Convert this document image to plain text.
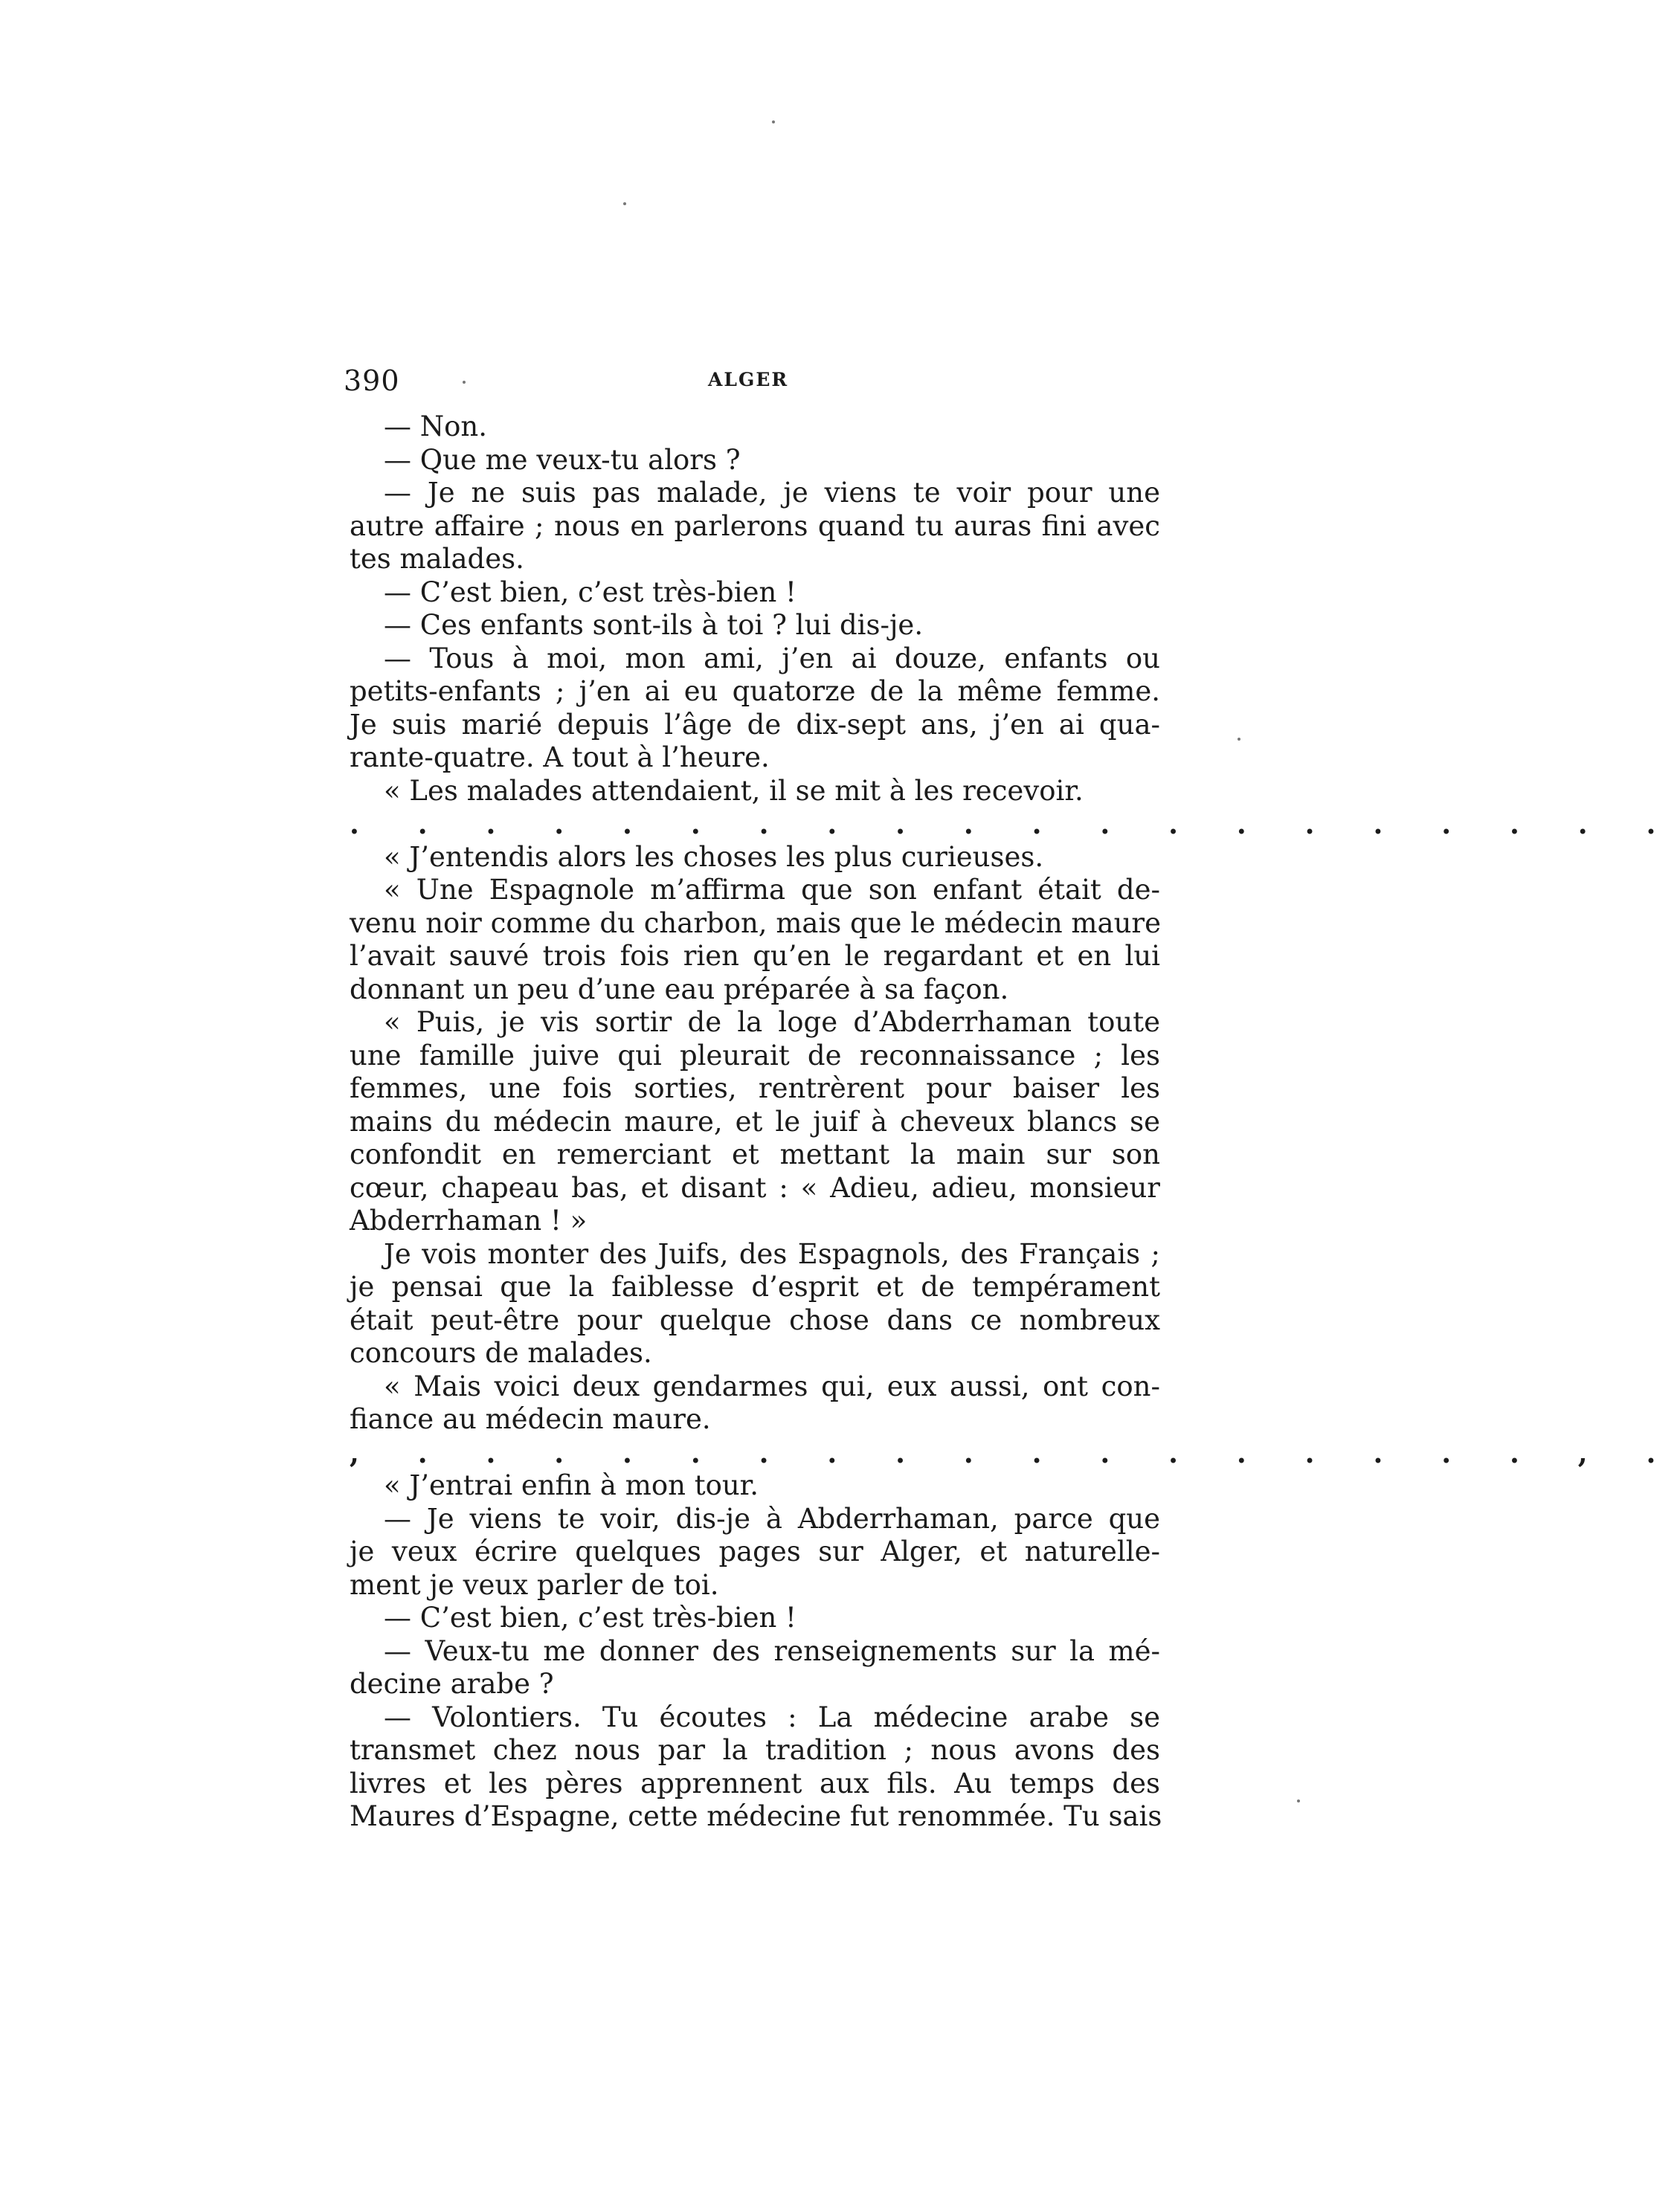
390	ALGER
— Non.
— Que me veux-tu alors ?
— Je ne suis pas malade, je viens te voir pour une
autre affaire ; nous en parlerons quand tu auras fini avec
tes malades.
— C’est bien, c’est très-bien !
— Ces enfants sont-ils à toi ? lui dis-je.
— Tous à moi, mon ami, j’en ai douze, enfants ou
petits-enfants ; j’en ai eu quatorze de la même femme.
Je suis marié depuis l’âge de dix-sept ans, j’en ai qua-
rante-quatre. A tout à l’heure.
« Les malades attendaient, il se mit à les recevoir.
. . . . . . . . . . . . . . . . . . . .
« J’entendis alors les choses les plus curieuses.
« Une Espagnole m’affirma que son enfant était de-
venu noir comme du charbon, mais que le médecin maure
l’avait sauvé trois fois rien qu’en le regardant et en lui
donnant un peu d’une eau préparée à sa façon.
« Puis, je vis sortir de la loge d’Abderrhaman toute
une famille juive qui pleurait de reconnaissance ; les
femmes, une fois sorties, rentrèrent pour baiser les
mains du médecin maure, et le juif à cheveux blancs se
confondit en remerciant et mettant la main sur son
cœur, chapeau bas, et disant : « Adieu, adieu, monsieur
Abderrhaman ! »
Je vois monter des Juifs, des Espagnols, des Français ;
je pensai que la faiblesse d’esprit et de tempérament
était peut-être pour quelque chose dans ce nombreux
concours de malades.
« Mais voici deux gendarmes qui, eux aussi, ont con-
fiance au médecin maure.
, . . . . . . . . . . . . . . . . . , .
« J’entrai enfin à mon tour.
— Je viens te voir, dis-je à Abderrhaman, parce que
je veux écrire quelques pages sur Alger, et naturelle-
ment je veux parler de toi.
— C’est bien, c’est très-bien !
— Veux-tu me donner des renseignements sur la mé-
decine arabe ?
— Volontiers. Tu écoutes : La médecine arabe se
transmet chez nous par la tradition ; nous avons des
livres et les pères apprennent aux fils. Au temps des
Maures d’Espagne, cette médecine fut renommée. Tu sais
